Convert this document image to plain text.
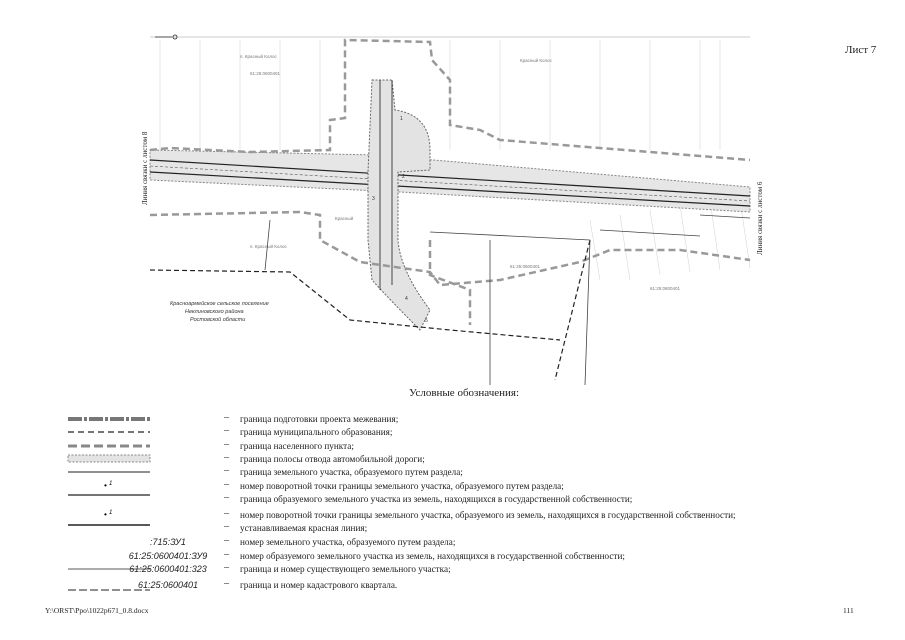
1
2
3
4
5
п. Красный Колос
61:25:0600401
Красный Колос
п. Красный Колос
Красный
61:25:0600401
61:25:0600401
Красноармейское сельское поселение
Неклиновского района
Ростовской области
• 1
• 1
Лист 7
Линия связки с листом 8
Линия связки с листом 6
Условные обозначения:
– граница подготовки проекта межевания;
– граница муниципального образования;
– граница населенного пункта;
– граница полосы отвода автомобильной дороги;
– граница земельного участка, образуемого путем раздела;
– номер поворотной точки границы земельного участка, образуемого путем раздела;
– граница образуемого земельного участка из земель, находящихся в государственной собственности;
– номер поворотной точки границы земельного участка, образуемого из земель, находящихся в государственной собственности;
– устанавливаемая красная линия;
:715:ЗУ1	– номер земельного участка, образуемого путем раздела;
61:25:0600401:ЗУ9	– номер образуемого земельного участка из земель, находящихся в государственной собственности;
61:25:0600401:323	– граница и номер существующего земельного участка;
61:25:0600401	– граница и номер кадастрового квартала.
Y:\ORST\Ppo\1022p671_0.8.docx	111
